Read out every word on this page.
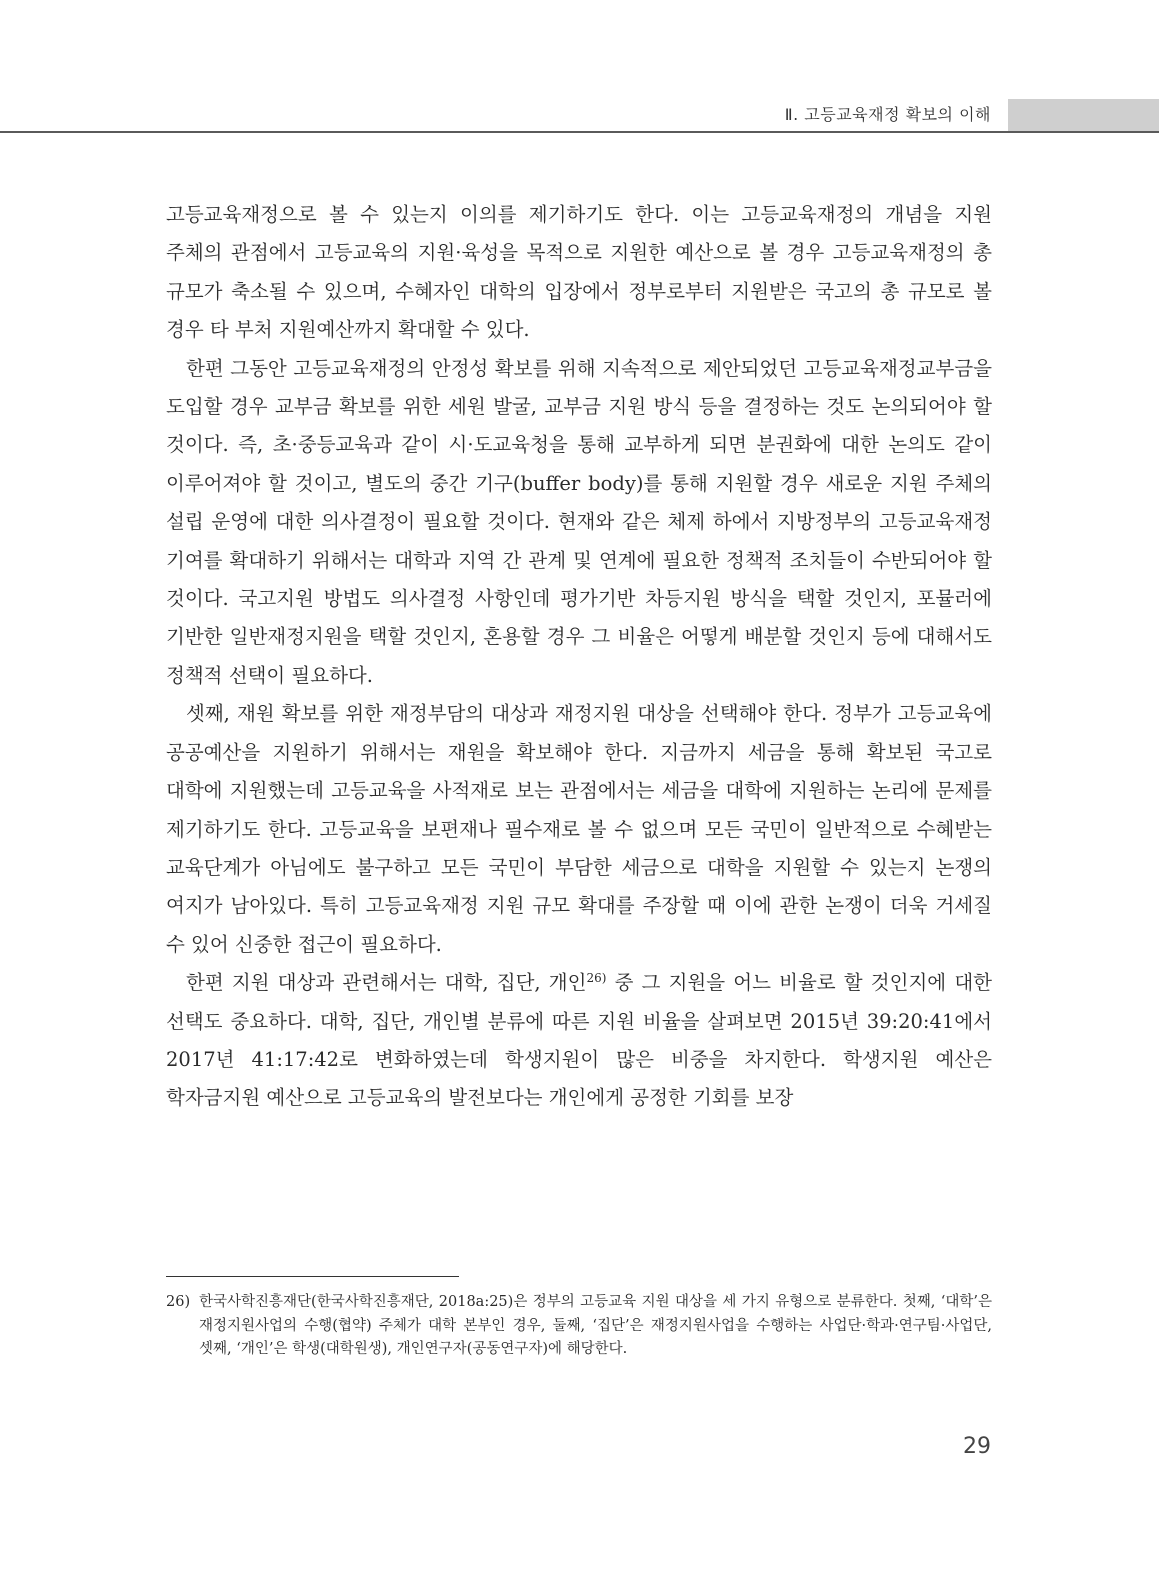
Ⅱ. 고등교육재정 확보의 이해

고등교육재정으로 볼 수 있는지 이의를 제기하기도 한다. 이는 고등교육재정의 개념을 지원 주체의 관점에서 고등교육의 지원·육성을 목적으로 지원한 예산으로 볼 경우 고등교육재정의 총 규모가 축소될 수 있으며, 수혜자인 대학의 입장에서 정부로부터 지원받은 국고의 총 규모로 볼 경우 타 부처 지원예산까지 확대할 수 있다.

한편 그동안 고등교육재정의 안정성 확보를 위해 지속적으로 제안되었던 고등교육재정교부금을 도입할 경우 교부금 확보를 위한 세원 발굴, 교부금 지원 방식 등을 결정하는 것도 논의되어야 할 것이다. 즉, 초·중등교육과 같이 시·도교육청을 통해 교부하게 되면 분권화에 대한 논의도 같이 이루어져야 할 것이고, 별도의 중간 기구(buffer body)를 통해 지원할 경우 새로운 지원 주체의 설립 운영에 대한 의사결정이 필요할 것이다. 현재와 같은 체제 하에서 지방정부의 고등교육재정 기여를 확대하기 위해서는 대학과 지역 간 관계 및 연계에 필요한 정책적 조치들이 수반되어야 할 것이다. 국고지원 방법도 의사결정 사항인데 평가기반 차등지원 방식을 택할 것인지, 포뮬러에 기반한 일반재정지원을 택할 것인지, 혼용할 경우 그 비율은 어떻게 배분할 것인지 등에 대해서도 정책적 선택이 필요하다.

셋째, 재원 확보를 위한 재정부담의 대상과 재정지원 대상을 선택해야 한다. 정부가 고등교육에 공공예산을 지원하기 위해서는 재원을 확보해야 한다. 지금까지 세금을 통해 확보된 국고로 대학에 지원했는데 고등교육을 사적재로 보는 관점에서는 세금을 대학에 지원하는 논리에 문제를 제기하기도 한다. 고등교육을 보편재나 필수재로 볼 수 없으며 모든 국민이 일반적으로 수혜받는 교육단계가 아님에도 불구하고 모든 국민이 부담한 세금으로 대학을 지원할 수 있는지 논쟁의 여지가 남아있다. 특히 고등교육재정 지원 규모 확대를 주장할 때 이에 관한 논쟁이 더욱 거세질 수 있어 신중한 접근이 필요하다.

한편 지원 대상과 관련해서는 대학, 집단, 개인$^{26)}$ 중 그 지원을 어느 비율로 할 것인지에 대한 선택도 중요하다. 대학, 집단, 개인별 분류에 따른 지원 비율을 살펴보면 2015년 39:20:41에서 2017년 41:17:42로 변화하였는데 학생지원이 많은 비중을 차지한다. 학생지원 예산은 학자금지원 예산으로 고등교육의 발전보다는 개인에게 공정한 기회를 보장

26) 한국사학진흥재단(한국사학진흥재단, 2018a:25)은 정부의 고등교육 지원 대상을 세 가지 유형으로 분류한다. 첫째, ‘대학’은 재정지원사업의 수행(협약) 주체가 대학 본부인 경우, 둘째, ‘집단’은 재정지원사업을 수행하는 사업단·학과·연구팀·사업단, 셋째, ‘개인’은 학생(대학원생), 개인연구자(공동연구자)에 해당한다.
29
